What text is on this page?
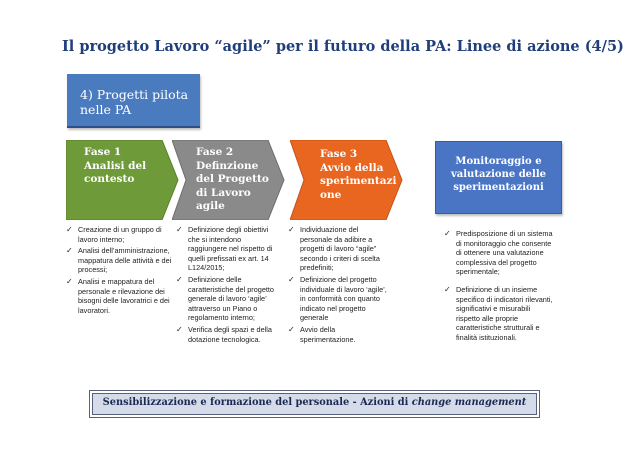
Il progetto Lavoro “agile” per il futuro della PA: Linee di azione (4/5)
4) Progetti pilota
nelle PA
Fase 1
Analisi del
contesto
Fase 2
Definzione
del Progetto
di Lavoro
agile
Fase 3
Avvio della
sperimentazi
one
Monitoraggio e valutazione delle sperimentazioni
✓ Creazione di un gruppo di lavoro interno;
✓ Analisi dell’amministrazione, mappatura delle attività e dei processi;
✓ Analisi e mappatura del personale e rilevazione dei bisogni delle lavoratrici e dei lavoratori.
✓ Definizione degli obiettivi che si intendono raggiungere nel rispetto di quelli prefissati ex art. 14 L124/2015;
✓ Definizione delle caratteristiche del progetto generale di lavoro ‘agile’ attraverso un Piano o regolamento interno;
✓ Verifica degli spazi e della dotazione tecnologica.
✓ Individuazione del personale da adibire a progetti di lavoro “agile” secondo i criteri di scelta predefiniti;
✓ Definizione del progetto individuale di lavoro ‘agile’, in conformità con quanto indicato nel progetto generale
✓ Avvio della sperimentazione.
✓ Predisposizione di un sistema di monitoraggio che consente di ottenere una valutazione complessiva del progetto sperimentale;
✓ Definizione di un insieme specifico di indicatori rilevanti, significativi e misurabili rispetto alle proprie caratteristiche strutturali e finalità istituzionali.
Sensibilizzazione e formazione del personale - Azioni di change management
